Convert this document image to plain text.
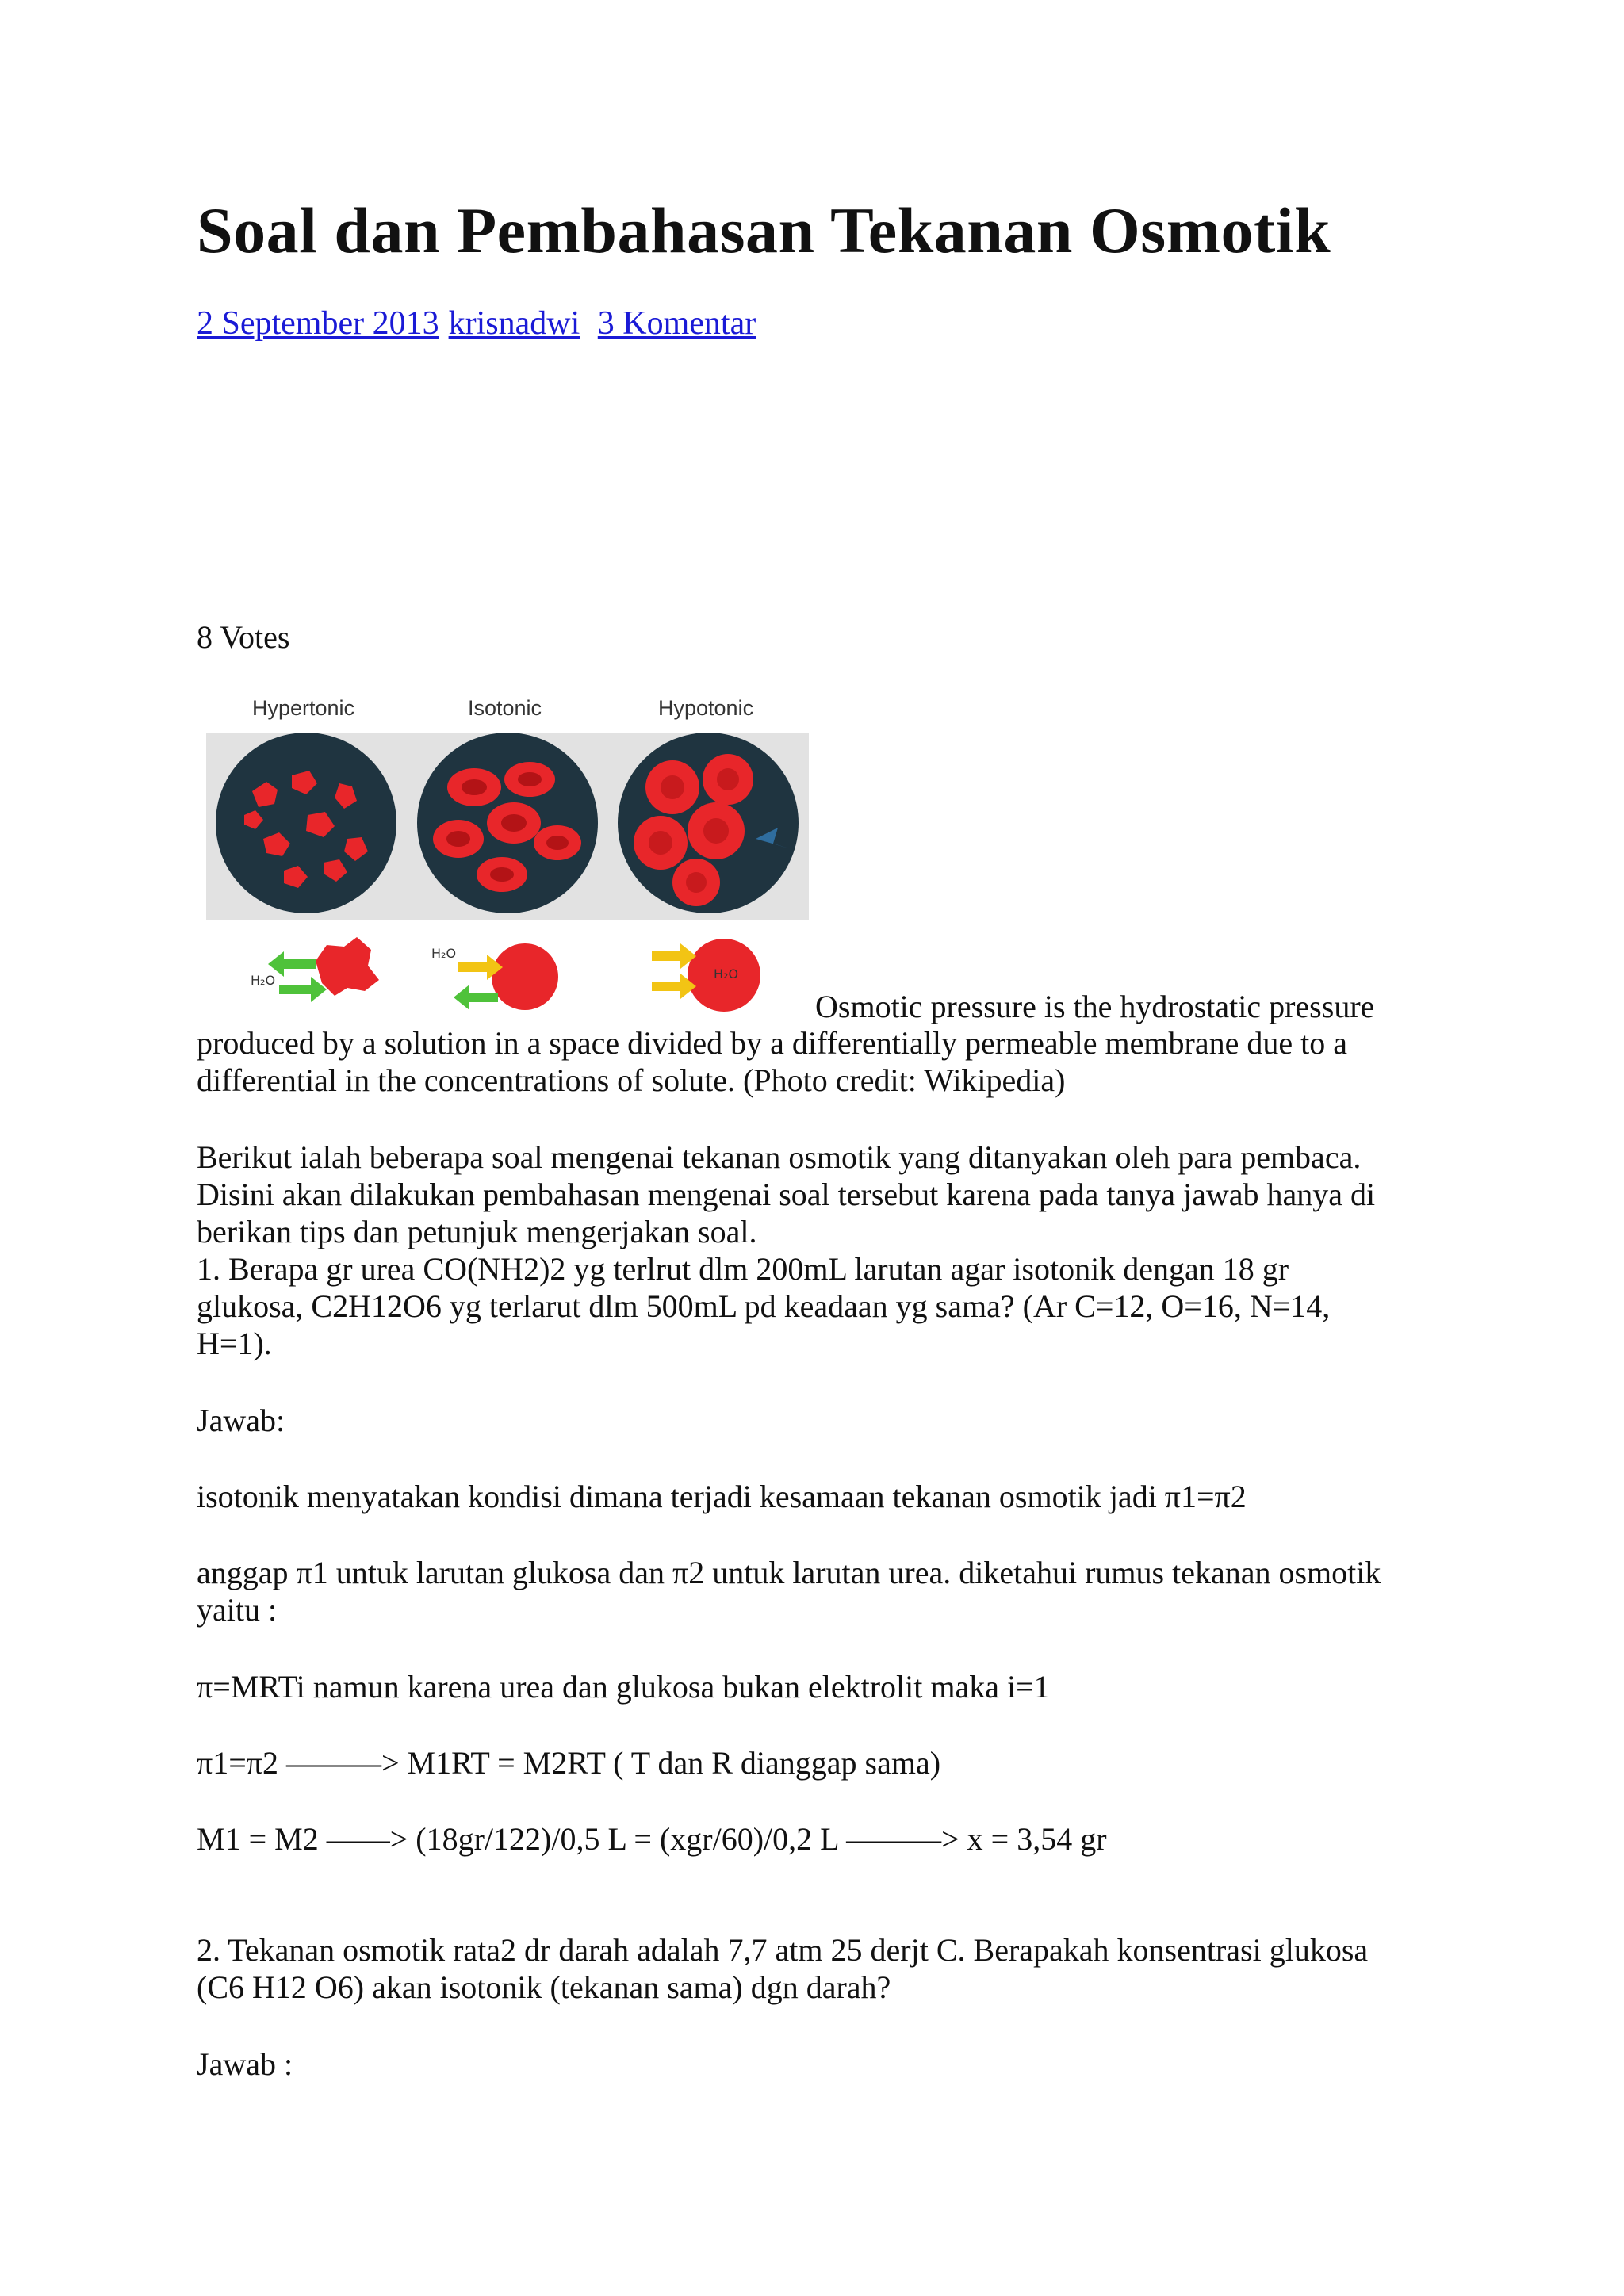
Soal dan Pembahasan Tekanan Osmotik
2 September 2013 krisnadwi 3 Komentar
8 Votes
Hypertonic	Isotonic	Hypotonic
H₂O
H₂O
H₂O
Osmotic pressure is the hydrostatic pressure

produced by a solution in a space divided by a differentially permeable membrane due to a

differential in the concentrations of solute. (Photo credit: Wikipedia)

Berikut ialah beberapa soal mengenai tekanan osmotik yang ditanyakan oleh para pembaca.

Disini akan dilakukan pembahasan mengenai soal tersebut karena pada tanya jawab hanya di

berikan tips dan petunjuk mengerjakan soal.

1. Berapa gr urea CO(NH2)2 yg terlrut dlm 200mL larutan agar isotonik dengan 18 gr

glukosa, C2H12O6 yg terlarut dlm 500mL pd keadaan yg sama? (Ar C=12, O=16, N=14,

H=1).

Jawab:

isotonik menyatakan kondisi dimana terjadi kesamaan tekanan osmotik jadi π1=π2

anggap π1 untuk larutan glukosa dan π2 untuk larutan urea. diketahui rumus tekanan osmotik

yaitu :

π=MRTi namun karena urea dan glukosa bukan elektrolit maka i=1

π1=π2 ———> M1RT = M2RT ( T dan R dianggap sama)

M1 = M2 ——> (18gr/122)/0,5 L = (xgr/60)/0,2 L ———> x = 3,54 gr

2. Tekanan osmotik rata2 dr darah adalah 7,7 atm 25 derjt C. Berapakah konsentrasi glukosa

(C6 H12 O6) akan isotonik (tekanan sama) dgn darah?

Jawab :
